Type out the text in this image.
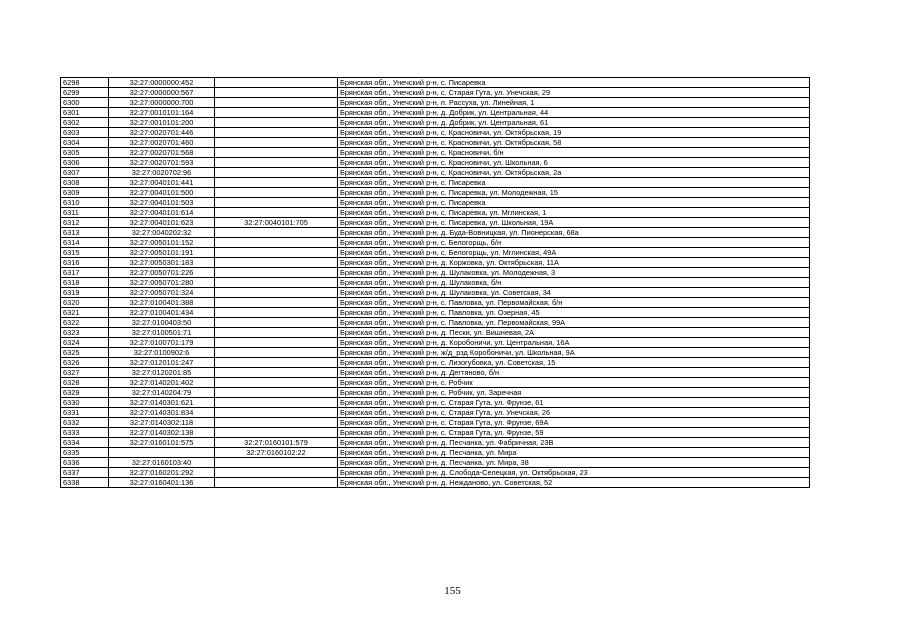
6298	32:27:0000000:452		Брянская обл., Унечский р-н, с. Писаревка
6299	32:27:0000000:567		Брянская обл., Унечский р-н, с. Старая Гута, ул. Унечская, 29
6300	32:27:0000000:700		Брянская обл., Унечский р-н, п. Рассуха, ул. Линейная, 1
6301	32:27:0010101:164		Брянская обл., Унечский р-н, д. Добрик, ул. Центральная, 44
6302	32:27:0010101:200		Брянская обл., Унечский р-н, д. Добрик, ул. Центральная, 61
6303	32:27:0020701:446		Брянская обл., Унечский р-н, с. Красновичи, ул. Октябрьская, 19
6304	32:27:0020701:460		Брянская обл., Унечский р-н, с. Красновичи, ул. Октябрьская, 58
6305	32:27:0020701:568		Брянская обл., Унечский р-н, с. Красновичи, б/н
6306	32:27:0020701:593		Брянская обл., Унечский р-н, с. Красновичи, ул. Школьная, 6
6307	32:27:0020702:96		Брянская обл., Унечский р-н, с. Красновичи, ул. Октябрьская, 2а
6308	32:27:0040101:441		Брянская обл., Унечский р-н, с. Писаревка
6309	32:27:0040101:500		Брянская обл., Унечский р-н, с. Писаревка, ул. Молодежная, 15
6310	32:27:0040101:503		Брянская обл., Унечский р-н, с. Писаревка
6311	32:27:0040101:614		Брянская обл., Унечский р-н, с. Писаревка, ул. Мглинская, 1
6312	32:27:0040101:623	32:27:0040101:705	Брянская обл., Унечский р-н, с. Писаревка, ул. Школьная, 19А
6313	32:27:0040202:32		Брянская обл., Унечский р-н, д. Буда-Вовницкая, ул. Пионерская, 68а
6314	32:27:0050101:152		Брянская обл., Унечский р-н, с. Белогорщь, б/н
6315	32:27:0050101:191		Брянская обл., Унечский р-н, с. Белогорщь, ул. Мглинская, 49А
6316	32:27:0050301:183		Брянская обл., Унечский р-н, д. Коржовка, ул. Октябрьская, 11А
6317	32:27:0050701:226		Брянская обл., Унечский р-н, д. Шулаковка, ул. Молодежная, 3
6318	32:27:0050701:280		Брянская обл., Унечский р-н, д. Шулаковка, б/н
6319	32:27:0050701:324		Брянская обл., Унечский р-н, д. Шулаковка, ул. Советская, 34
6320	32:27:0100401:388		Брянская обл., Унечский р-н, с. Павловка, ул. Первомайская, б/н
6321	32:27:0100401:434		Брянская обл., Унечский р-н, с. Павловка, ул. Озерная, 45
6322	32:27:0100403:50		Брянская обл., Унечский р-н, с. Павловка, ул. Первомайская, 99А
6323	32:27:0100501:71		Брянская обл., Унечский р-н, д. Пески, ул. Вишневая, 2А
6324	32:27:0100701:179		Брянская обл., Унечский р-н, д. Коробоничи, ул. Центральная, 16А
6325	32:27:0100902:6		Брянская обл., Унечский р-н, ж/д_рзд Коробоничи, ул. Школьная, 9А
6326	32:27:0120101:247		Брянская обл., Унечский р-н, с. Лизогубовка, ул. Советская, 15
6327	32:27:0120201:85		Брянская обл., Унечский р-н, д. Дегтяново, б/н
6328	32:27:0140201:402		Брянская обл., Унечский р-н, с. Робчик
6329	32:27:0140204:79		Брянская обл., Унечский р-н, с. Робчик, ул. Заречная
6330	32:27:0140301:621		Брянская обл., Унечский р-н, с. Старая Гута, ул. Фрунзе, 61
6331	32:27:0140301:834		Брянская обл., Унечский р-н, с. Старая Гута, ул. Унечская, 26
6332	32:27:0140302:118		Брянская обл., Унечский р-н, с. Старая Гута, ул. Фрунзе, 69А
6333	32:27:0140302:138		Брянская обл., Унечский р-н, с. Старая Гута, ул. Фрунзе, 59
6334	32:27:0160101:575	32:27:0160101:579	Брянская обл., Унечский р-н, д. Песчанка, ул. Фабричная, 23В
6335		32:27:0160102:22	Брянская обл., Унечский р-н, д. Песчанка, ул. Мира
6336	32:27:0160103:40		Брянская обл., Унечский р-н, д. Песчанка, ул. Мира, 38
6337	32:27:0160201:292		Брянская обл., Унечский р-н, д. Слобода-Селецкая, ул. Октябрьская, 23
6338	32:27:0160401:136		Брянская обл., Унечский р-н, д. Нежданово, ул. Советская, 52
155
